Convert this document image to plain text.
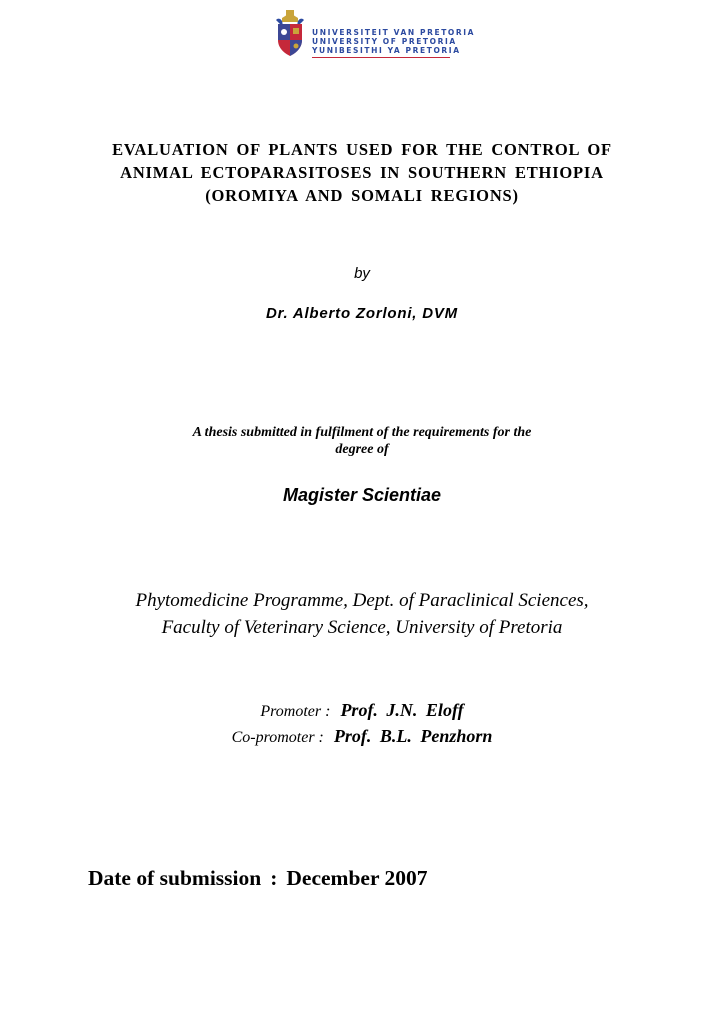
UNIVERSITEIT VAN PRETORIA
UNIVERSITY OF PRETORIA
YUNIBESITHI YA PRETORIA
EVALUATION OF PLANTS USED FOR THE CONTROL OF
ANIMAL ECTOPARASITOSES IN SOUTHERN ETHIOPIA
(OROMIYA AND SOMALI REGIONS)
by
Dr. Alberto Zorloni, DVM
A thesis submitted in fulfilment of the requirements for the
degree of
Magister Scientiae
Phytomedicine Programme, Dept. of Paraclinical Sciences,
Faculty of Veterinary Science, University of Pretoria
Promoter : Prof. J.N. Eloff
Co-promoter : Prof. B.L. Penzhorn
Date of submission : December 2007
